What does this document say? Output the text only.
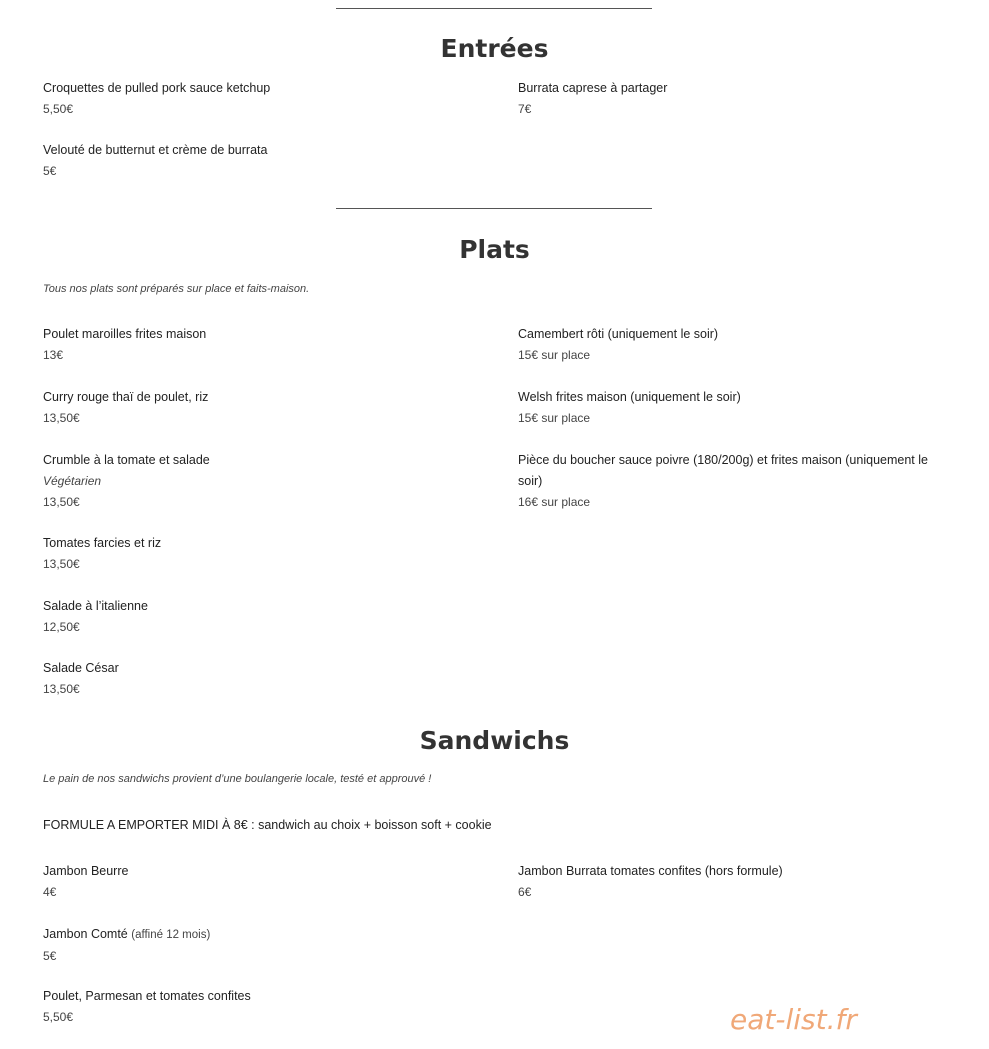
Entrées
Croquettes de pulled pork sauce ketchup
5,50€
Burrata caprese à partager
7€
Velouté de butternut et crème de burrata
5€
Plats
Tous nos plats sont préparés sur place et faits-maison.
Poulet maroilles frites maison
13€
Camembert rôti (uniquement le soir)
15€ sur place
Curry rouge thaï de poulet, riz
13,50€
Welsh frites maison (uniquement le soir)
15€ sur place
Crumble à la tomate et salade
Végétarien
13,50€
Pièce du boucher sauce poivre (180/200g) et frites maison (uniquement le soir)
16€ sur place
Tomates farcies et riz
13,50€
Salade à l’italienne
12,50€
Salade César
13,50€
Sandwichs
Le pain de nos sandwichs provient d’une boulangerie locale, testé et approuvé !
FORMULE A EMPORTER MIDI À 8€ : sandwich au choix + boisson soft + cookie
Jambon Beurre
4€
Jambon Burrata tomates confites (hors formule)
6€
Jambon Comté (affiné 12 mois)
5€
Poulet, Parmesan et tomates confites
5,50€	eat-list.fr
